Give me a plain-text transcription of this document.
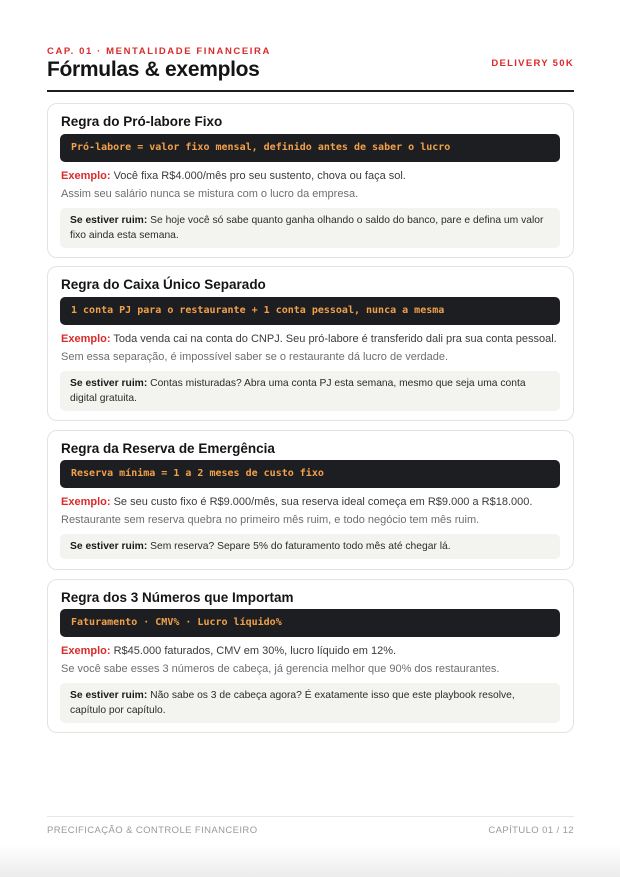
CAP. 01 · MENTALIDADE FINANCEIRA
DELIVERY 50K
Fórmulas & exemplos
Regra do Pró-labore Fixo
Pró-labore = valor fixo mensal, definido antes de saber o lucro
Exemplo: Você fixa R$4.000/mês pro seu sustento, chova ou faça sol.
Assim seu salário nunca se mistura com o lucro da empresa.
Se estiver ruim: Se hoje você só sabe quanto ganha olhando o saldo do banco, pare e defina um valor fixo ainda esta semana.
Regra do Caixa Único Separado
1 conta PJ para o restaurante + 1 conta pessoal, nunca a mesma
Exemplo: Toda venda cai na conta do CNPJ. Seu pró-labore é transferido dali pra sua conta pessoal.
Sem essa separação, é impossível saber se o restaurante dá lucro de verdade.
Se estiver ruim: Contas misturadas? Abra uma conta PJ esta semana, mesmo que seja uma conta digital gratuita.
Regra da Reserva de Emergência
Reserva mínima = 1 a 2 meses de custo fixo
Exemplo: Se seu custo fixo é R$9.000/mês, sua reserva ideal começa em R$9.000 a R$18.000.
Restaurante sem reserva quebra no primeiro mês ruim, e todo negócio tem mês ruim.
Se estiver ruim: Sem reserva? Separe 5% do faturamento todo mês até chegar lá.
Regra dos 3 Números que Importam
Faturamento · CMV% · Lucro líquido%
Exemplo: R$45.000 faturados, CMV em 30%, lucro líquido em 12%.
Se você sabe esses 3 números de cabeça, já gerencia melhor que 90% dos restaurantes.
Se estiver ruim: Não sabe os 3 de cabeça agora? É exatamente isso que este playbook resolve, capítulo por capítulo.
PRECIFICAÇÃO & CONTROLE FINANCEIRO	CAPÍTULO 01 / 12
